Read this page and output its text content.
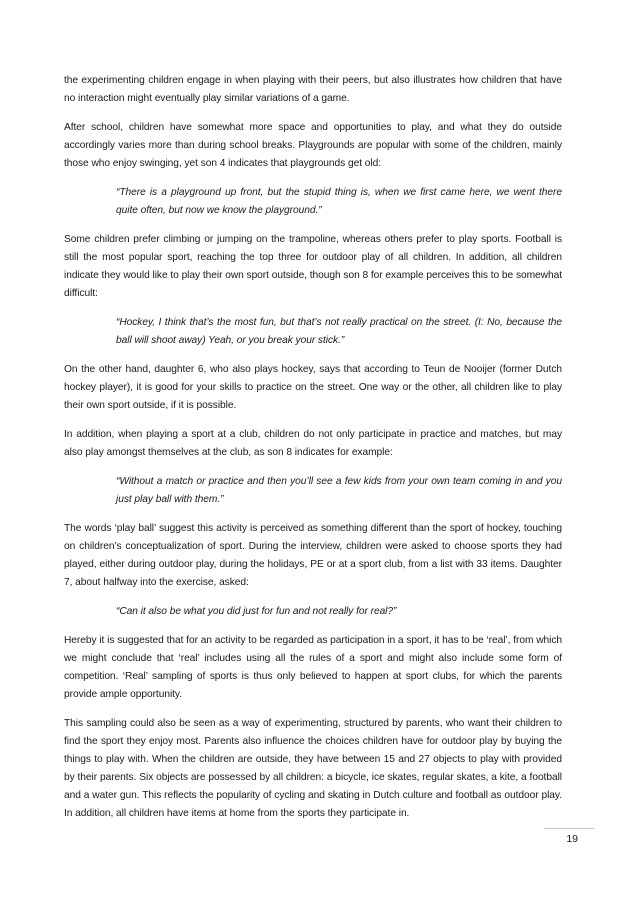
the experimenting children engage in when playing with their peers, but also illustrates how children that have no interaction might eventually play similar variations of a game.

After school, children have somewhat more space and opportunities to play, and what they do outside accordingly varies more than during school breaks. Playgrounds are popular with some of the children, mainly those who enjoy swinging, yet son 4 indicates that playgrounds get old:

“There is a playground up front, but the stupid thing is, when we first came here, we went there quite often, but now we know the playground.”

Some children prefer climbing or jumping on the trampoline, whereas others prefer to play sports. Football is still the most popular sport, reaching the top three for outdoor play of all children. In addition, all children indicate they would like to play their own sport outside, though son 8 for example perceives this to be somewhat difficult:

“Hockey, I think that’s the most fun, but that’s not really practical on the street. (I: No, because the ball will shoot away) Yeah, or you break your stick.”

On the other hand, daughter 6, who also plays hockey, says that according to Teun de Nooijer (former Dutch hockey player), it is good for your skills to practice on the street. One way or the other, all children like to play their own sport outside, if it is possible.

In addition, when playing a sport at a club, children do not only participate in practice and matches, but may also play amongst themselves at the club, as son 8 indicates for example:

“Without a match or practice and then you’ll see a few kids from your own team coming in and you just play ball with them.”

The words ‘play ball’ suggest this activity is perceived as something different than the sport of hockey, touching on children’s conceptualization of sport. During the interview, children were asked to choose sports they had played, either during outdoor play, during the holidays, PE or at a sport club, from a list with 33 items. Daughter 7, about halfway into the exercise, asked:

“Can it also be what you did just for fun and not really for real?”

Hereby it is suggested that for an activity to be regarded as participation in a sport, it has to be ‘real’, from which we might conclude that ‘real’ includes using all the rules of a sport and might also include some form of competition. ‘Real’ sampling of sports is thus only believed to happen at sport clubs, for which the parents provide ample opportunity.

This sampling could also be seen as a way of experimenting, structured by parents, who want their children to find the sport they enjoy most. Parents also influence the choices children have for outdoor play by buying the things to play with. When the children are outside, they have between 15 and 27 objects to play with provided by their parents. Six objects are possessed by all children: a bicycle, ice skates, regular skates, a kite, a football and a water gun. This reflects the popularity of cycling and skating in Dutch culture and football as outdoor play. In addition, all children have items at home from the sports they participate in.

19
